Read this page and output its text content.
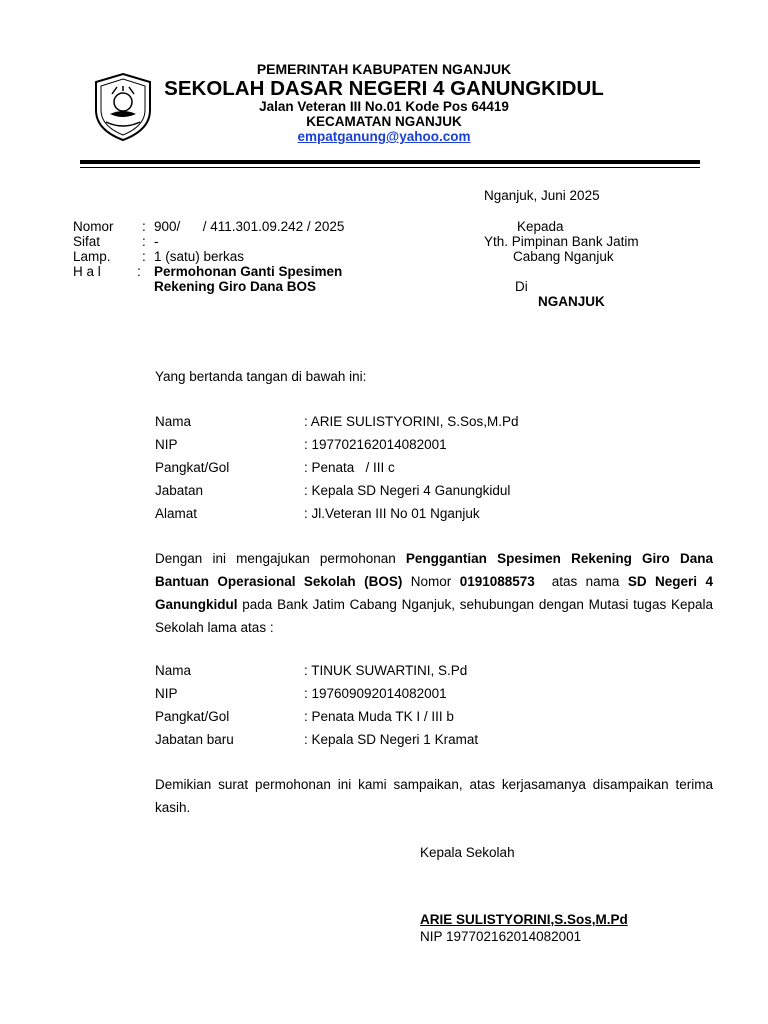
PEMERINTAH KABUPATEN NGANJUK
SEKOLAH DASAR NEGERI 4 GANUNGKIDUL
Jalan Veteran III No.01 Kode Pos 64419
KECAMATAN NGANJUK
empatganung@yahoo.com
Nganjuk, Juni 2025
Nomor : 900/      / 411.301.09.242 / 2025
Sifat	: -
Lamp. : 1 (satu) berkas
H a l	: Permohonan Ganti Spesimen
Rekening Giro Dana BOS
Kepada
Yth. Pimpinan Bank Jatim
Cabang Nganjuk
Di
NGANJUK
Yang bertanda tangan di bawah ini:
Nama	: ARIE SULISTYORINI, S.Sos,M.Pd
NIP	: 197702162014082001
Pangkat/Gol	: Penata   / III c
Jabatan	: Kepala SD Negeri 4 Ganungkidul
Alamat	: Jl.Veteran III No 01 Nganjuk

Dengan ini mengajukan permohonan Penggantian Spesimen Rekening Giro Dana Bantuan Operasional Sekolah (BOS) Nomor 0191088573  atas nama SD Negeri 4 Ganungkidul pada Bank Jatim Cabang Nganjuk, sehubungan dengan Mutasi tugas Kepala Sekolah lama atas :

Nama	: TINUK SUWARTINI, S.Pd
NIP	: 197609092014082001
Pangkat/Gol	: Penata Muda TK I / III b
Jabatan baru	: Kepala SD Negeri 1 Kramat

Demikian surat permohonan ini kami sampaikan, atas kerjasamanya disampaikan terima kasih.

Kepala Sekolah
ARIE SULISTYORINI,S.Sos,M.Pd
NIP 197702162014082001
